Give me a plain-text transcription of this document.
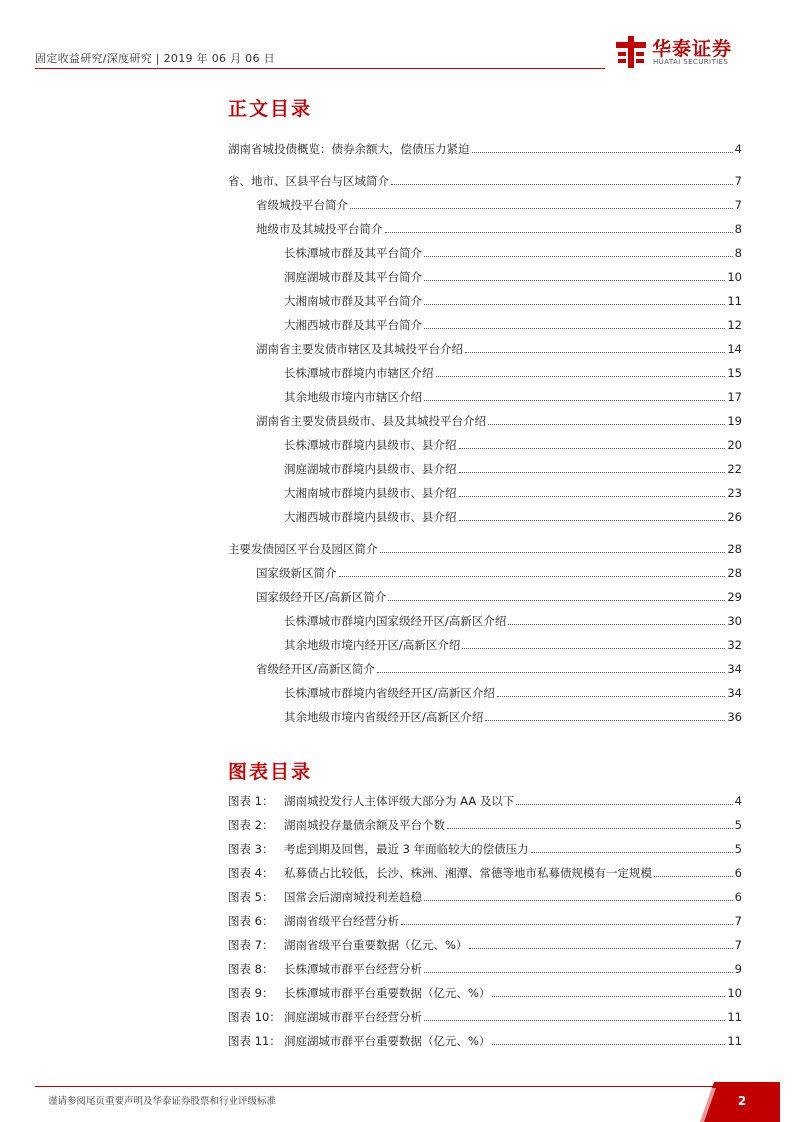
固定收益研究/深度研究 | 2019 年 06 月 06 日	华泰证券
HUATAI SECURITIES
正文目录
湖南省城投债概览：债券余额大，偿债压力紧迫	4
省、地市、区县平台与区域简介	7
省级城投平台简介	7
地级市及其城投平台简介	8
长株潭城市群及其平台简介	8
洞庭湖城市群及其平台简介	10
大湘南城市群及其平台简介	11
大湘西城市群及其平台简介	12
湖南省主要发债市辖区及其城投平台介绍	14
长株潭城市群境内市辖区介绍	15
其余地级市境内市辖区介绍	17
湖南省主要发债县级市、县及其城投平台介绍	19
长株潭城市群境内县级市、县介绍	20
洞庭湖城市群境内县级市、县介绍	22
大湘南城市群境内县级市、县介绍	23
大湘西城市群境内县级市、县介绍	26
主要发债园区平台及园区简介	28
国家级新区简介	28
国家级经开区/高新区简介	29
长株潭城市群境内国家级经开区/高新区介绍	30
其余地级市境内经开区/高新区介绍	32
省级经开区/高新区简介	34
长株潭城市群境内省级经开区/高新区介绍	34
其余地级市境内省级经开区/高新区介绍	36
图表目录
图表 1： 湖南城投发行人主体评级大部分为 AA 及以下	4
图表 2： 湖南城投存量债余额及平台个数	5
图表 3： 考虑到期及回售，最近 3 年面临较大的偿债压力	5
图表 4： 私募债占比较低，长沙、株洲、湘潭、常德等地市私募债规模有一定规模	6
图表 5： 国常会后湖南城投利差趋稳	6
图表 6： 湖南省级平台经营分析	7
图表 7： 湖南省级平台重要数据（亿元、%）	7
图表 8： 长株潭城市群平台经营分析	9
图表 9： 长株潭城市群平台重要数据（亿元、%）	10
图表 10： 洞庭湖城市群平台经营分析	11
图表 11： 洞庭湖城市群平台重要数据（亿元、%）	11
谨请参阅尾页重要声明及华泰证券股票和行业评级标准	2
